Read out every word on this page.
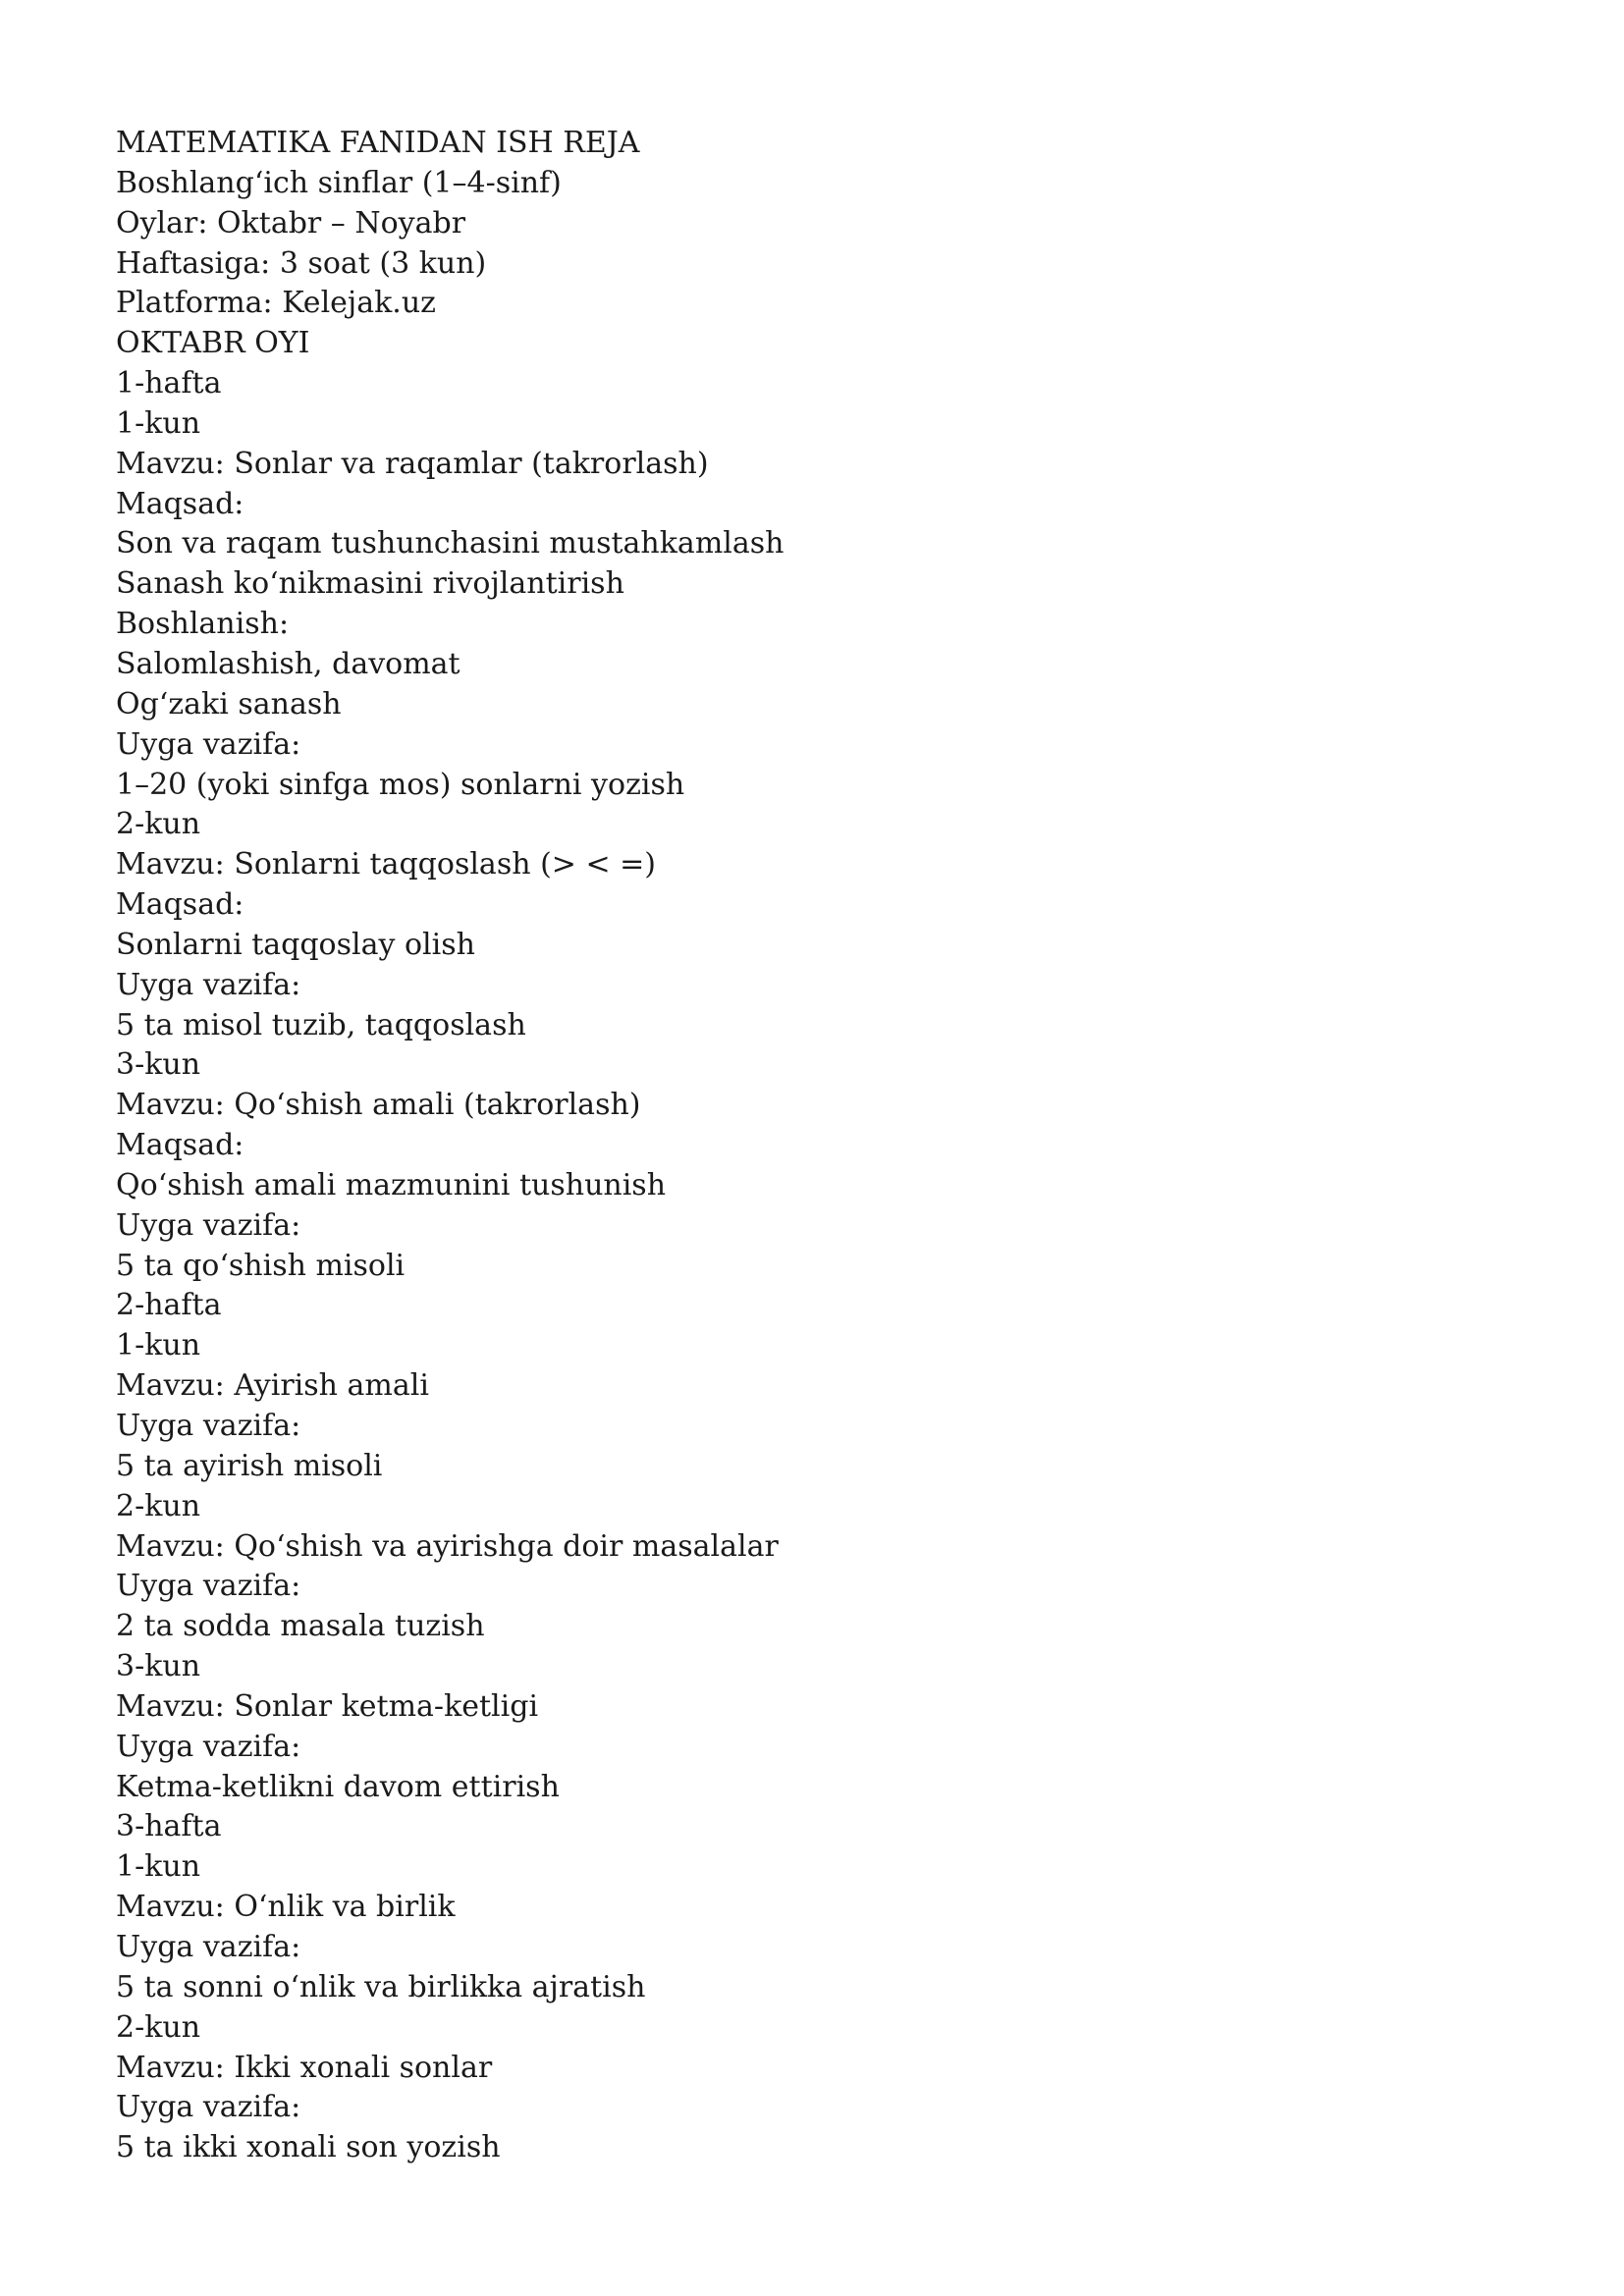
MATEMATIKA FANIDAN ISH REJA

Boshlang‘ich sinflar (1–4-sinf)

Oylar: Oktabr – Noyabr

Haftasiga: 3 soat (3 kun)

Platforma: Kelejak.uz

OKTABR OYI

1-hafta

1-kun

Mavzu: Sonlar va raqamlar (takrorlash)

Maqsad:

Son va raqam tushunchasini mustahkamlash

Sanash ko‘nikmasini rivojlantirish

Boshlanish:

Salomlashish, davomat

Og‘zaki sanash

Uyga vazifa:

1–20 (yoki sinfga mos) sonlarni yozish

2-kun

Mavzu: Sonlarni taqqoslash (> < =)

Maqsad:

Sonlarni taqqoslay olish

Uyga vazifa:

5 ta misol tuzib, taqqoslash

3-kun

Mavzu: Qo‘shish amali (takrorlash)

Maqsad:

Qo‘shish amali mazmunini tushunish

Uyga vazifa:

5 ta qo‘shish misoli

2-hafta

1-kun

Mavzu: Ayirish amali

Uyga vazifa:

5 ta ayirish misoli

2-kun

Mavzu: Qo‘shish va ayirishga doir masalalar

Uyga vazifa:

2 ta sodda masala tuzish

3-kun

Mavzu: Sonlar ketma-ketligi

Uyga vazifa:

Ketma-ketlikni davom ettirish

3-hafta

1-kun

Mavzu: O‘nlik va birlik

Uyga vazifa:

5 ta sonni o‘nlik va birlikka ajratish

2-kun

Mavzu: Ikki xonali sonlar

Uyga vazifa:

5 ta ikki xonali son yozish
